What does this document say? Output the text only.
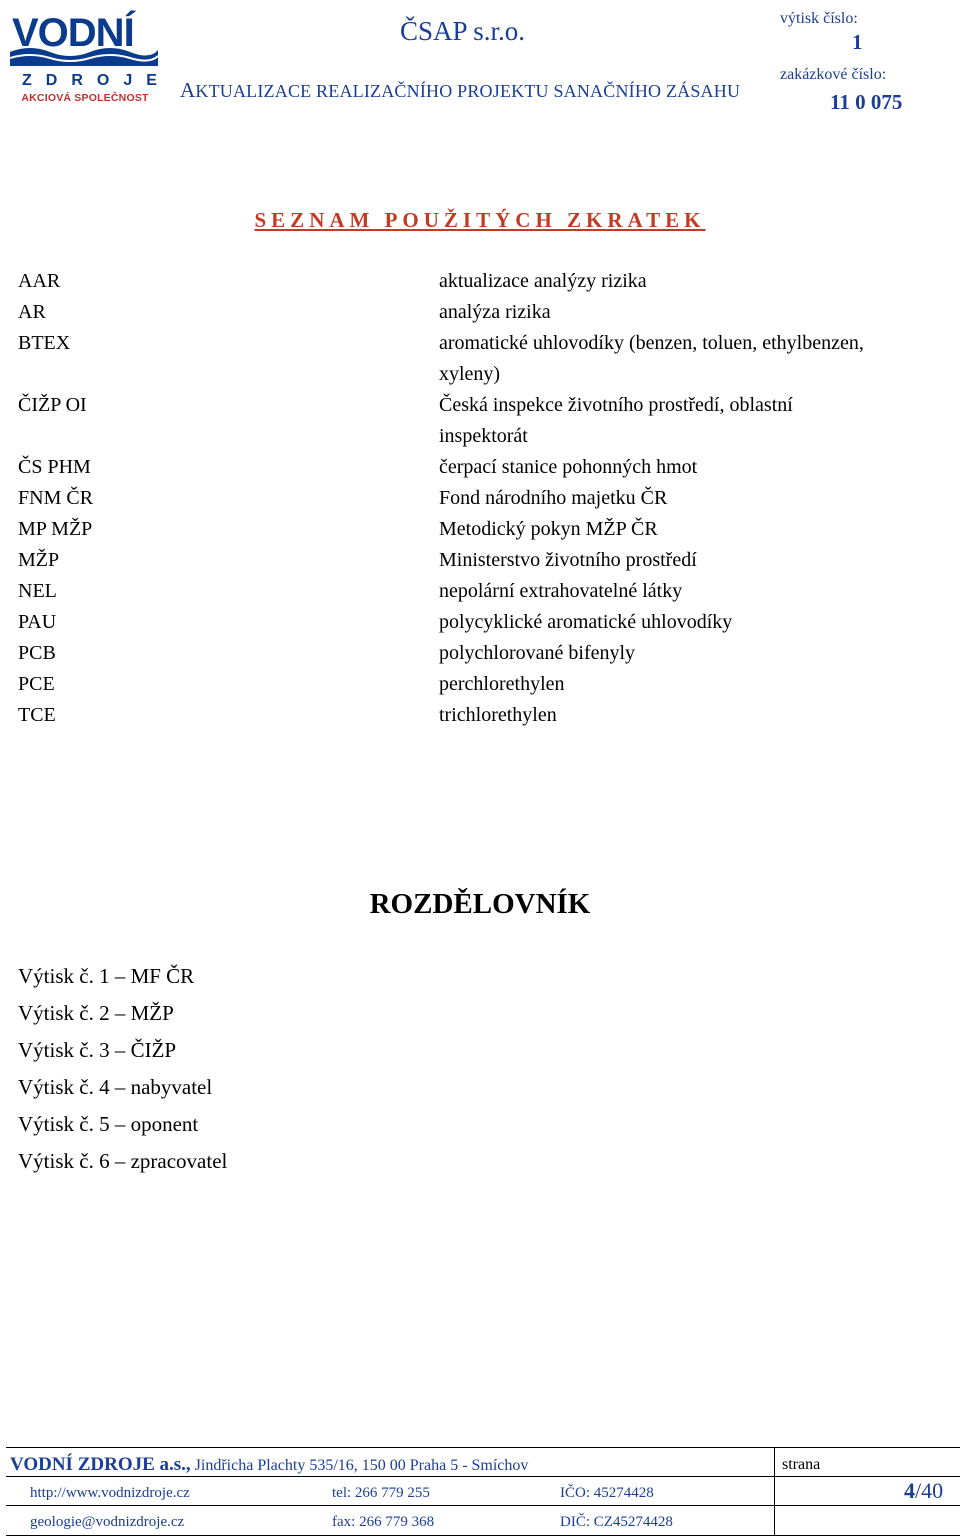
VODNÍ
ZDROJE
AKCIOVÁ SPOLEČNOST
ČSAP s.r.o.
AKTUALIZACE REALIZAČNÍHO PROJEKTU SANAČNÍHO ZÁSAHU
výtisk číslo:
1
zakázkové číslo:
11 0 075
SEZNAM POUŽITÝCH ZKRATEK
AAR	aktualizace analýzy rizika
AR	analýza rizika
BTEX	aromatické uhlovodíky (benzen, toluen, ethylbenzen, xyleny)
ČIŽP OI	Česká inspekce životního prostředí, oblastní inspektorát
ČS PHM	čerpací stanice pohonných hmot
FNM ČR	Fond národního majetku ČR
MP MŽP	Metodický pokyn MŽP ČR
MŽP	Ministerstvo životního prostředí
NEL	nepolární extrahovatelné látky
PAU	polycyklické aromatické uhlovodíky
PCB	polychlorované bifenyly
PCE	perchlorethylen
TCE	trichlorethylen
ROZDĚLOVNÍK
Výtisk č. 1 – MF ČR
Výtisk č. 2 – MŽP
Výtisk č. 3 – ČIŽP
Výtisk č. 4 – nabyvatel
Výtisk č. 5 – oponent
Výtisk č. 6 – zpracovatel
VODNÍ ZDROJE a.s., Jindřicha Plachty 535/16, 150 00 Praha 5 - Smíchov
http://www.vodnizdroje.cz	tel: 266 779 255	IČO: 45274428
geologie@vodnizdroje.cz	fax: 266 779 368	DIČ: CZ45274428
strana
4/40
